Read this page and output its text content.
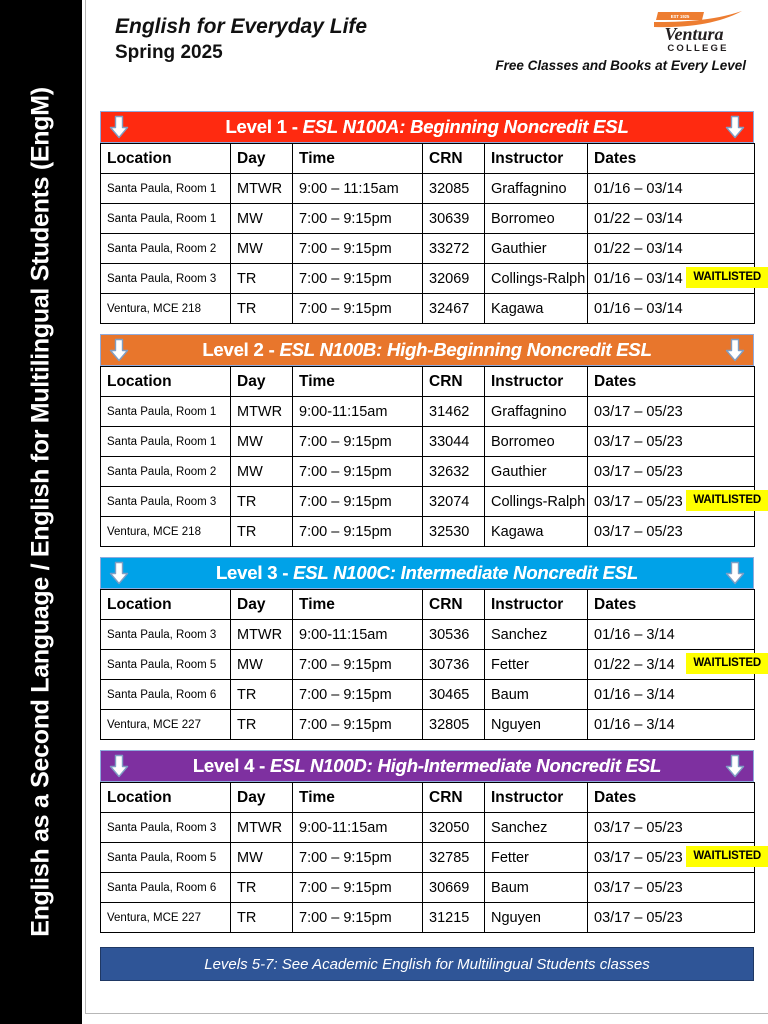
English as a Second Language / English for Multilingual Students (EngM)
English for Everyday Life
Spring 2025
EST 1925
Ventura
COLLEGE
Free Classes and Books at Every Level
Level 1 - ESL N100A: Beginning Noncredit ESL
Location	Day	Time	CRN	Instructor	Dates
Santa Paula, Room 1	MTWR	9:00 – 11:15am	32085	Graffagnino	01/16 – 03/14
Santa Paula, Room 1	MW	7:00 – 9:15pm	30639	Borromeo	01/22 – 03/14
Santa Paula, Room 2	MW	7:00 – 9:15pm	33272	Gauthier	01/22 – 03/14
Santa Paula, Room 3	TR	7:00 – 9:15pm	32069	Collings-Ralph	01/16 – 03/14
Ventura, MCE 218	TR	7:00 – 9:15pm	32467	Kagawa	01/16 – 03/14
WAITLISTED
Level 2 - ESL N100B: High-Beginning Noncredit ESL
Location	Day	Time	CRN	Instructor	Dates
Santa Paula, Room 1	MTWR	9:00-11:15am	31462	Graffagnino	03/17 – 05/23
Santa Paula, Room 1	MW	7:00 – 9:15pm	33044	Borromeo	03/17 – 05/23
Santa Paula, Room 2	MW	7:00 – 9:15pm	32632	Gauthier	03/17 – 05/23
Santa Paula, Room 3	TR	7:00 – 9:15pm	32074	Collings-Ralph	03/17 – 05/23
Ventura, MCE 218	TR	7:00 – 9:15pm	32530	Kagawa	03/17 – 05/23
WAITLISTED
Level 3 - ESL N100C: Intermediate Noncredit ESL
Location	Day	Time	CRN	Instructor	Dates
Santa Paula, Room 3	MTWR	9:00-11:15am	30536	Sanchez	01/16 – 3/14
Santa Paula, Room 5	MW	7:00 – 9:15pm	30736	Fetter	01/22 – 3/14
Santa Paula, Room 6	TR	7:00 – 9:15pm	30465	Baum	01/16 – 3/14
Ventura, MCE 227	TR	7:00 – 9:15pm	32805	Nguyen	01/16 – 3/14
WAITLISTED
Level 4 - ESL N100D: High-Intermediate Noncredit ESL
Location	Day	Time	CRN	Instructor	Dates
Santa Paula, Room 3	MTWR	9:00-11:15am	32050	Sanchez	03/17 – 05/23
Santa Paula, Room 5	MW	7:00 – 9:15pm	32785	Fetter	03/17 – 05/23
Santa Paula, Room 6	TR	7:00 – 9:15pm	30669	Baum	03/17 – 05/23
Ventura, MCE 227	TR	7:00 – 9:15pm	31215	Nguyen	03/17 – 05/23
WAITLISTED
Levels 5-7: See Academic English for Multilingual Students classes
